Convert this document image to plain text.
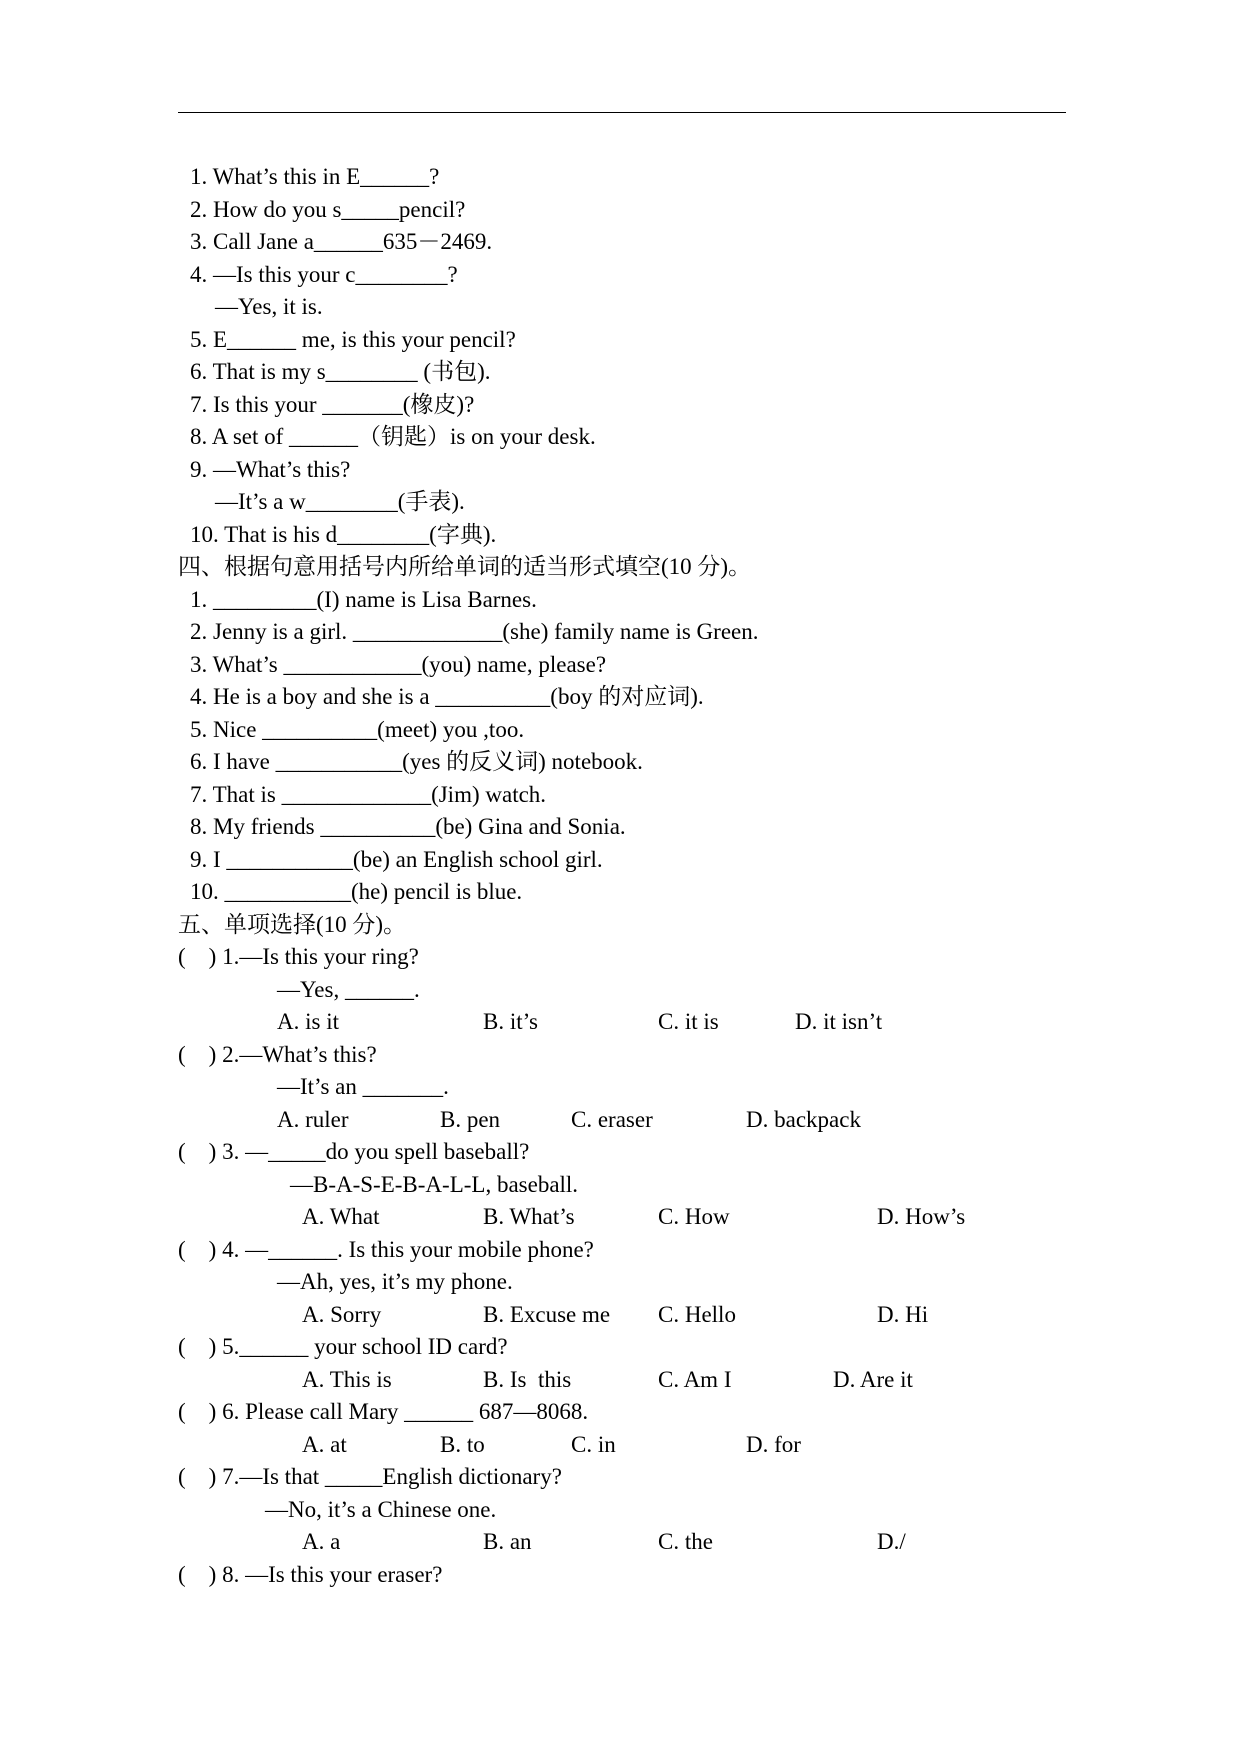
1. What’s this in E______?
2. How do you s_____pencil?
3. Call Jane a______635－2469.
4. —Is this your c________?
—Yes, it is.
5. E______ me, is this your pencil?
6. That is my s________ (书包).
7. Is this your _______(橡皮)?
8. A set of ______（钥匙）is on your desk.
9. —What’s this?
—It’s a w________(手表).
10. That is his d________(字典).
四、根据句意用括号内所给单词的适当形式填空(10 分)。
1. _________(I) name is Lisa Barnes.
2. Jenny is a girl. _____________(she) family name is Green.
3. What’s ____________(you) name, please?
4. He is a boy and she is a __________(boy 的对应词).
5. Nice __________(meet) you ,too.
6. I have ___________(yes 的反义词) notebook.
7. That is _____________(Jim) watch.
8. My friends __________(be) Gina and Sonia.
9. I ___________(be) an English school girl.
10. ___________(he) pencil is blue.
五、单项选择(10 分)。
(    ) 1.—Is this your ring?
—Yes, ______.
A. is it	B. it’s	C. it is	D. it isn’t
(    ) 2.—What’s this?
—It’s an _______.
A. ruler	B. pen	C. eraser	D. backpack
(    ) 3. —_____do you spell baseball?
—B-A-S-E-B-A-L-L, baseball.
A. What	B. What’s	C. How	D. How’s
(    ) 4. —______. Is this your mobile phone?
—Ah, yes, it’s my phone.
A. Sorry	B. Excuse me C. Hello	D. Hi
(    ) 5.______ your school ID card?
A. This is	B. Is  this	C. Am I	D. Are it
(    ) 6. Please call Mary ______ 687—8068.
A. at	B. to	C. in	D. for
(    ) 7.—Is that _____English dictionary?
—No, it’s a Chinese one.
A. a	B. an	C. the	D./
(    ) 8. —Is this your eraser?
